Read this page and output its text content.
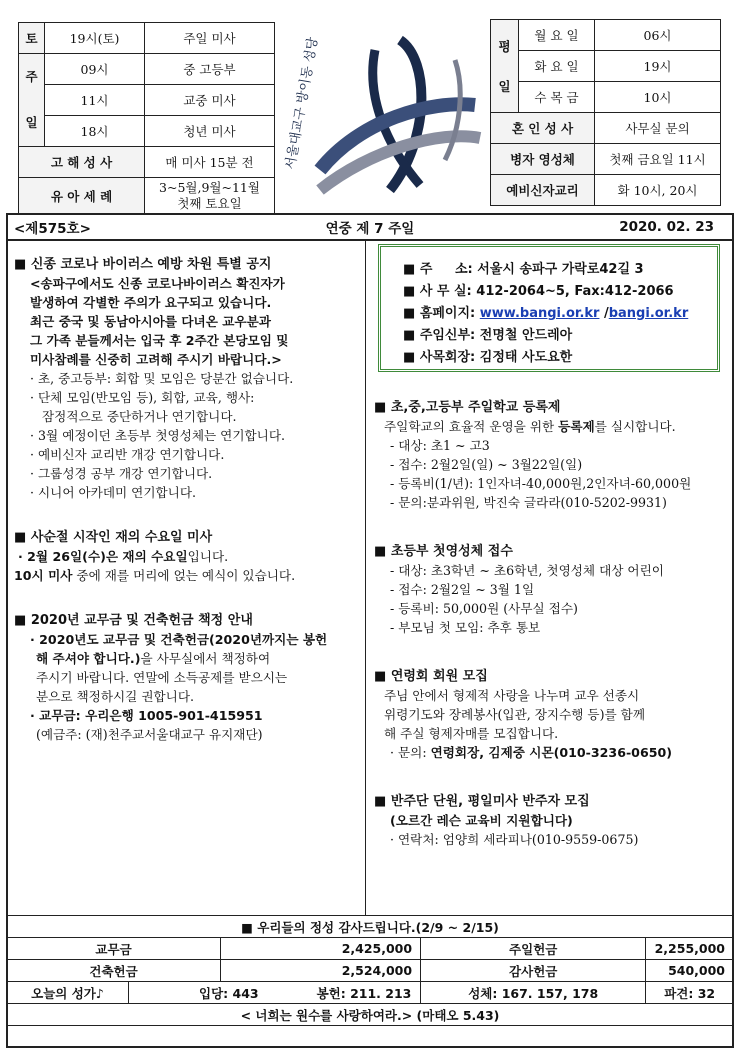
토	19시(토)	주일 미사

주
일	09시	중 고등부
	11시	교중 미사
	18시	청년 미사
고 해 성 사		매 미사 15분 전
유 아 세 례		3~5월,9월~11월
첫째 토요일
서울대교구 방이동 성당	평
일	월 요 일	06시
	화 요 일	19시
	수 목 금	10시
혼 인 성 사		사무실 문의
병자 영성체		첫째 금요일 11시
예비신자교리		화 10시, 20시
<제575호>	연중 제 7 주일	2020. 02. 23
■ 주     소: 서울시 송파구 가락로42길 3
■ 사 무 실: 412-2064~5, Fax:412-2066
■ 홈페이지: www.bangi.or.kr /bangi.or.kr
■ 주임신부: 전명철 안드레아
■ 사목회장: 김정태 사도요한
■ 신종 코로나 바이러스 예방 차원 특별 공지
<송파구에서도 신종 코로나바이러스 확진자가
발생하여 각별한 주의가 요구되고 있습니다.
최근 중국 및 동남아시아를 다녀온 교우분과
그 가족 분들께서는 입국 후 2주간 본당모임 및
미사참례를 신중히 고려해 주시기 바랍니다.>
· 초, 중고등부: 회합 및 모임은 당분간 없습니다.
· 단체 모임(반모임 등), 회합, 교육, 행사:
잠정적으로 중단하거나 연기합니다.
· 3월 예정이던 초등부 첫영성체는 연기합니다.
· 예비신자 교리반 개강 연기합니다.
· 그룹성경 공부 개강 연기합니다.
· 시니어 아카데미 연기합니다.
■ 사순절 시작인 재의 수요일 미사
· 2월 26일(수)은 재의 수요일입니다.
10시 미사 중에 재를 머리에 얹는 예식이 있습니다.
■ 2020년 교무금 및 건축헌금 책정 안내
· 2020년도 교무금 및 건축헌금(2020년까지는 봉헌
해 주셔야 합니다.)을 사무실에서 책정하여
주시기 바랍니다. 연말에 소득공제를 받으시는
분으로 책정하시길 권합니다.
· 교무금: 우리은행 1005-901-415951
(예금주: (재)천주교서울대교구 유지재단)
■ 초,중,고등부 주일학교 등록제
주일학교의 효율적 운영을 위한 등록제를 실시합니다.
- 대상: 초1 ~ 고3
- 접수: 2월2일(일) ~ 3월22일(일)
- 등록비(1/년): 1인자녀-40,000원,2인자녀-60,000원
- 문의:분과위원, 박진숙 글라라(010-5202-9931)
■ 초등부 첫영성체 접수
- 대상: 초3학년 ~ 초6학년, 첫영성체 대상 어린이
- 접수: 2월2일 ~ 3월 1일
- 등록비: 50,000원 (사무실 접수)
- 부모님 첫 모임: 추후 통보
■ 연령회 회원 모집
주님 안에서 형제적 사랑을 나누며 교우 선종시
위령기도와 장례봉사(입관, 장지수행 등)를 함께
해 주실 형제자매를 모집합니다.
· 문의: 연령회장, 김제중 시몬(010-3236-0650)
■ 반주단 단원, 평일미사 반주자 모집
(오르간 레슨 교육비 지원합니다)
· 연락처: 엄양희 세라피나(010-9559-0675)
■ 우리들의 정성 감사드립니다.(2/9 ~ 2/15)				
교무금		2,425,000	주일헌금	2,255,000
건축헌금		2,524,000	감사헌금	540,000
오늘의 성가♪	입당: 443 봉헌: 211. 213		성체: 167. 157, 178	파견: 32
< 너희는 원수를 사랑하여라.> (마태오 5.43)				
